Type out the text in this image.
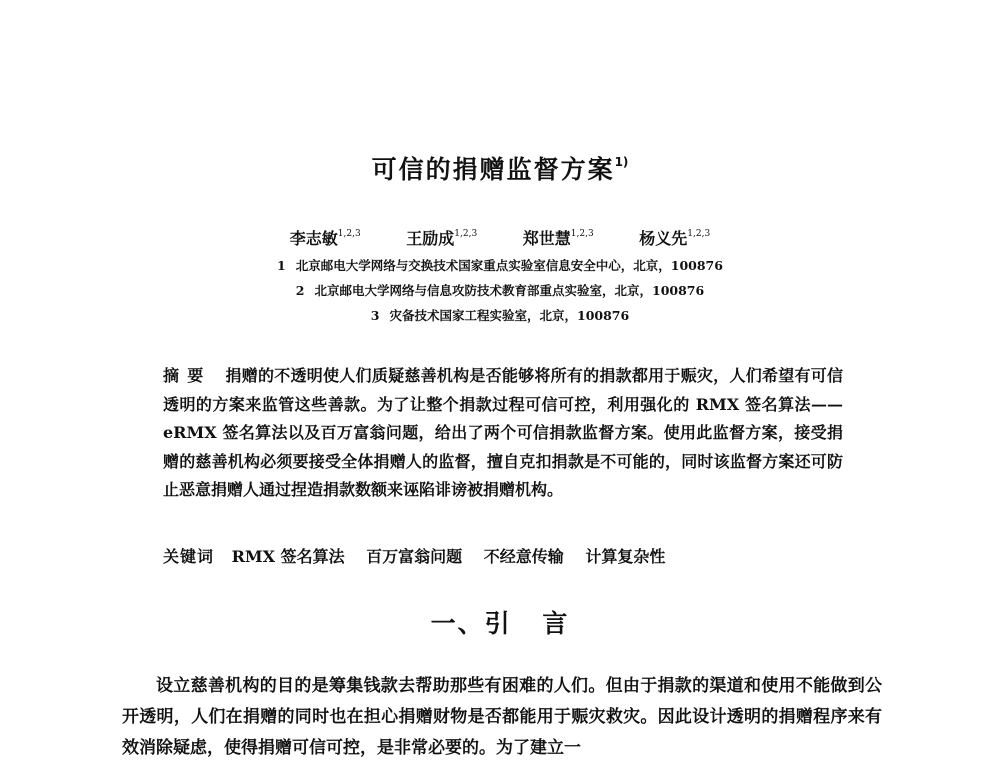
可信的捐赠监督方案$^{1)}$
李志敏$^{1,2,3}$	王励成$^{1,2,3}$	郑世慧$^{1,2,3}$	杨义先$^{1,2,3}$
1 北京邮电大学网络与交换技术国家重点实验室信息安全中心，北京，100876
2 北京邮电大学网络与信息攻防技术教育部重点实验室，北京，100876
3 灾备技术国家工程实验室，北京，100876
摘要 捐赠的不透明使人们质疑慈善机构是否能够将所有的捐款都用于赈灾，人们希望有可信透明的方案来监管这些善款。为了让整个捐款过程可信可控，利用强化的 RMX 签名算法——eRMX 签名算法以及百万富翁问题，给出了两个可信捐款监督方案。使用此监督方案，接受捐赠的慈善机构必须要接受全体捐赠人的监督，擅自克扣捐款是不可能的，同时该监督方案还可防止恶意捐赠人通过捏造捐款数额来诬陷诽谤被捐赠机构。
关键词 RMX 签名算法 百万富翁问题 不经意传输 计算复杂性
一、引 言
设立慈善机构的目的是筹集钱款去帮助那些有困难的人们。但由于捐款的渠道和使用不能做到公开透明，人们在捐赠的同时也在担心捐赠财物是否都能用于赈灾救灾。因此设计透明的捐赠程序来有效消除疑虑，使得捐赠可信可控，是非常必要的。为了建立一
